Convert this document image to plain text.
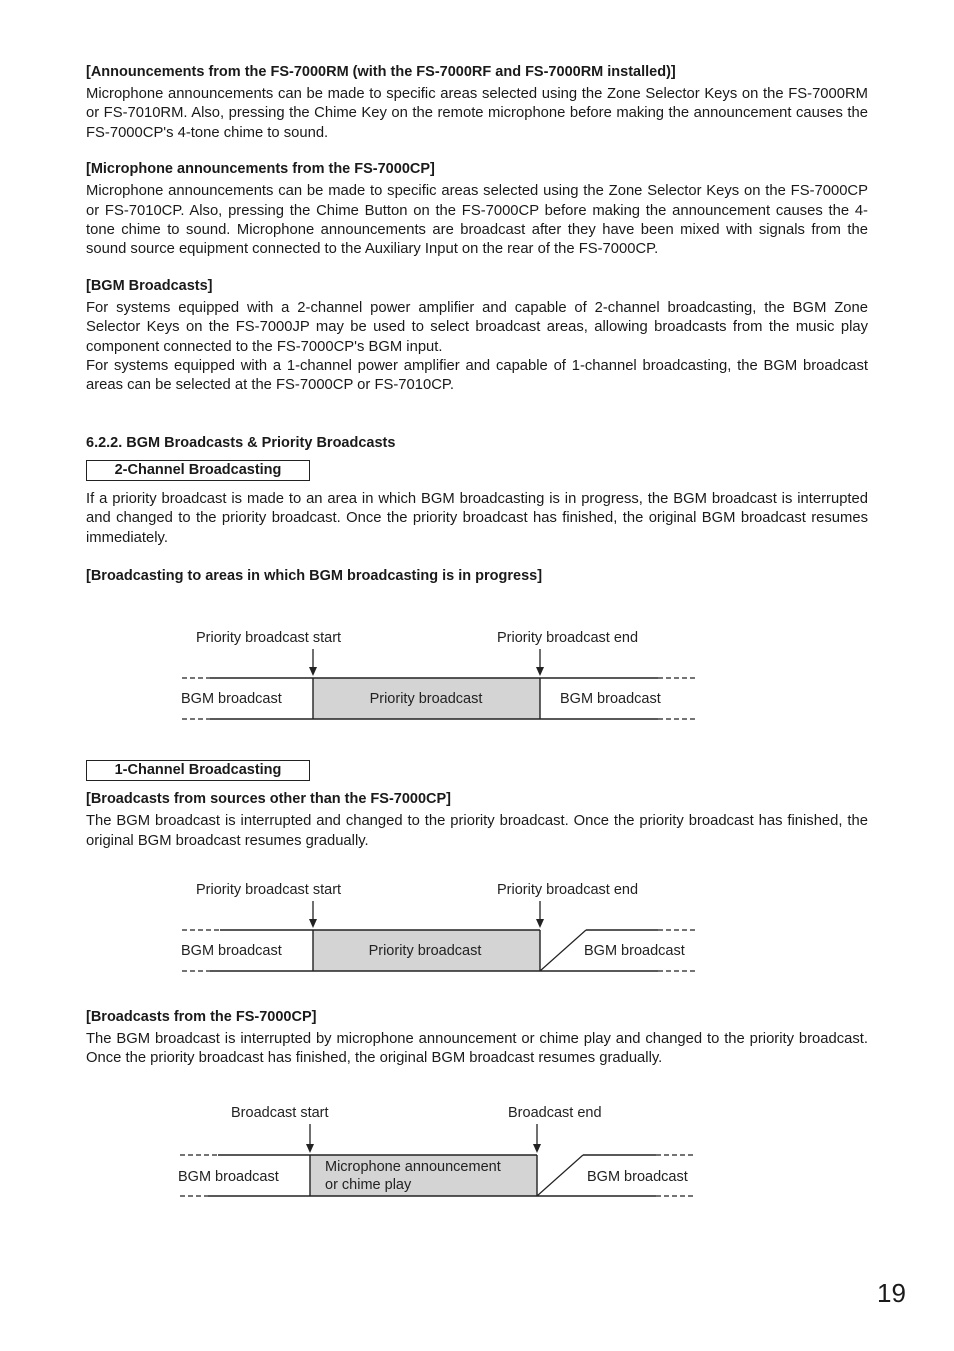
[Announcements from the FS-7000RM (with the FS-7000RF and FS-7000RM installed)]

Microphone announcements can be made to specific areas selected using the Zone Selector Keys on the FS-7000RM or FS-7010RM. Also, pressing the Chime Key on the remote microphone before making the announcement causes the FS-7000CP's 4-tone chime to sound.

[Microphone announcements from the FS-7000CP]

Microphone announcements can be made to specific areas selected using the Zone Selector Keys on the FS-7000CP or FS-7010CP. Also, pressing the Chime Button on the FS-7000CP before making the announcement causes the 4-tone chime to sound. Microphone announcements are broadcast after they have been mixed with signals from the sound source equipment connected to the Auxiliary Input on the rear of the FS-7000CP.

[BGM Broadcasts]

For systems equipped with a 2-channel power amplifier and capable of 2-channel broadcasting, the BGM Zone Selector Keys on the FS-7000JP may be used to select broadcast areas, allowing broadcasts from the music play component connected to the FS-7000CP's BGM input.

For systems equipped with a 1-channel power amplifier and capable of 1-channel broadcasting, the BGM broadcast areas can be selected at the FS-7000CP or FS-7010CP.

6.2.2. BGM Broadcasts & Priority Broadcasts

2-Channel Broadcasting

If a priority broadcast is made to an area in which BGM broadcasting is in progress, the BGM broadcast is interrupted and changed to the priority broadcast. Once the priority broadcast has finished, the original BGM broadcast resumes immediately.

[Broadcasting to areas in which BGM broadcasting is in progress]

Priority broadcast start	Priority broadcast end
BGM broadcast	Priority broadcast	BGM broadcast
1-Channel Broadcasting

[Broadcasts from sources other than the FS-7000CP]

The BGM broadcast is interrupted and changed to the priority broadcast. Once the priority broadcast has finished, the original BGM broadcast resumes gradually.

Priority broadcast start	Priority broadcast end
BGM broadcast	Priority broadcast	BGM broadcast

[Broadcasts from the FS-7000CP]

The BGM broadcast is interrupted by microphone announcement or chime play and changed to the priority broadcast. Once the priority broadcast has finished, the original BGM broadcast resumes gradually.

Broadcast start	Broadcast end
BGM broadcast
Microphone announcement
or chime play	BGM broadcast
19
